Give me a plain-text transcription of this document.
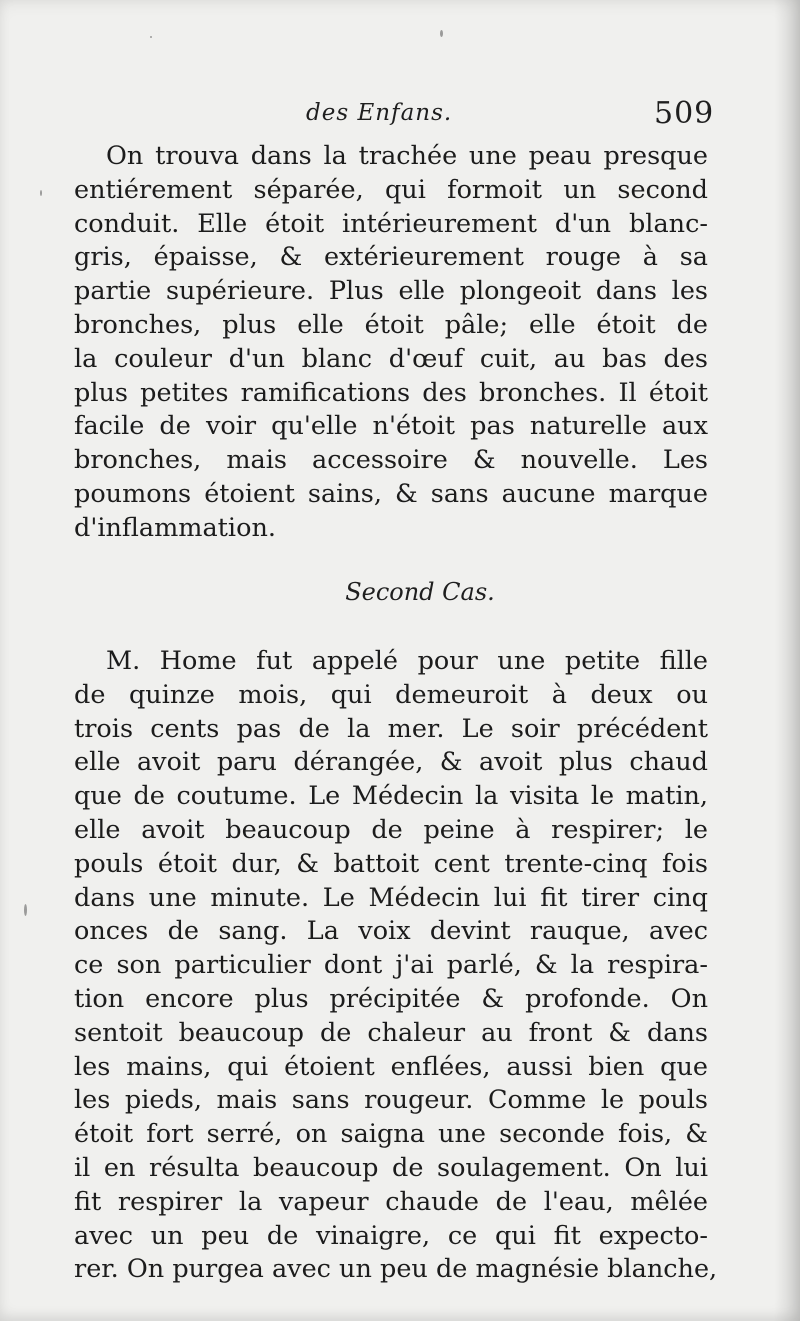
des Enfans.	509
On trouva dans la trachée une peau presque
entiérement séparée, qui formoit un second
conduit. Elle étoit intérieurement d'un blanc-
gris, épaisse, & extérieurement rouge à sa
partie supérieure. Plus elle plongeoit dans les
bronches, plus elle étoit pâle; elle étoit de
la couleur d'un blanc d'œuf cuit, au bas des
plus petites ramifications des bronches. Il étoit
facile de voir qu'elle n'étoit pas naturelle aux
bronches, mais accessoire & nouvelle. Les
poumons étoient sains, & sans aucune marque
d'inflammation.

Second Cas.

M. Home fut appelé pour une petite fille
de quinze mois, qui demeuroit à deux ou
trois cents pas de la mer. Le soir précédent
elle avoit paru dérangée, & avoit plus chaud
que de coutume. Le Médecin la visita le matin,
elle avoit beaucoup de peine à respirer; le
pouls étoit dur, & battoit cent trente-cinq fois
dans une minute. Le Médecin lui fit tirer cinq
onces de sang. La voix devint rauque, avec
ce son particulier dont j'ai parlé, & la respira-
tion encore plus précipitée & profonde. On
sentoit beaucoup de chaleur au front & dans
les mains, qui étoient enflées, aussi bien que
les pieds, mais sans rougeur. Comme le pouls
étoit fort serré, on saigna une seconde fois, &
il en résulta beaucoup de soulagement. On lui
fit respirer la vapeur chaude de l'eau, mêlée
avec un peu de vinaigre, ce qui fit expecto-
rer. On purgea avec un peu de magnésie blanche,
